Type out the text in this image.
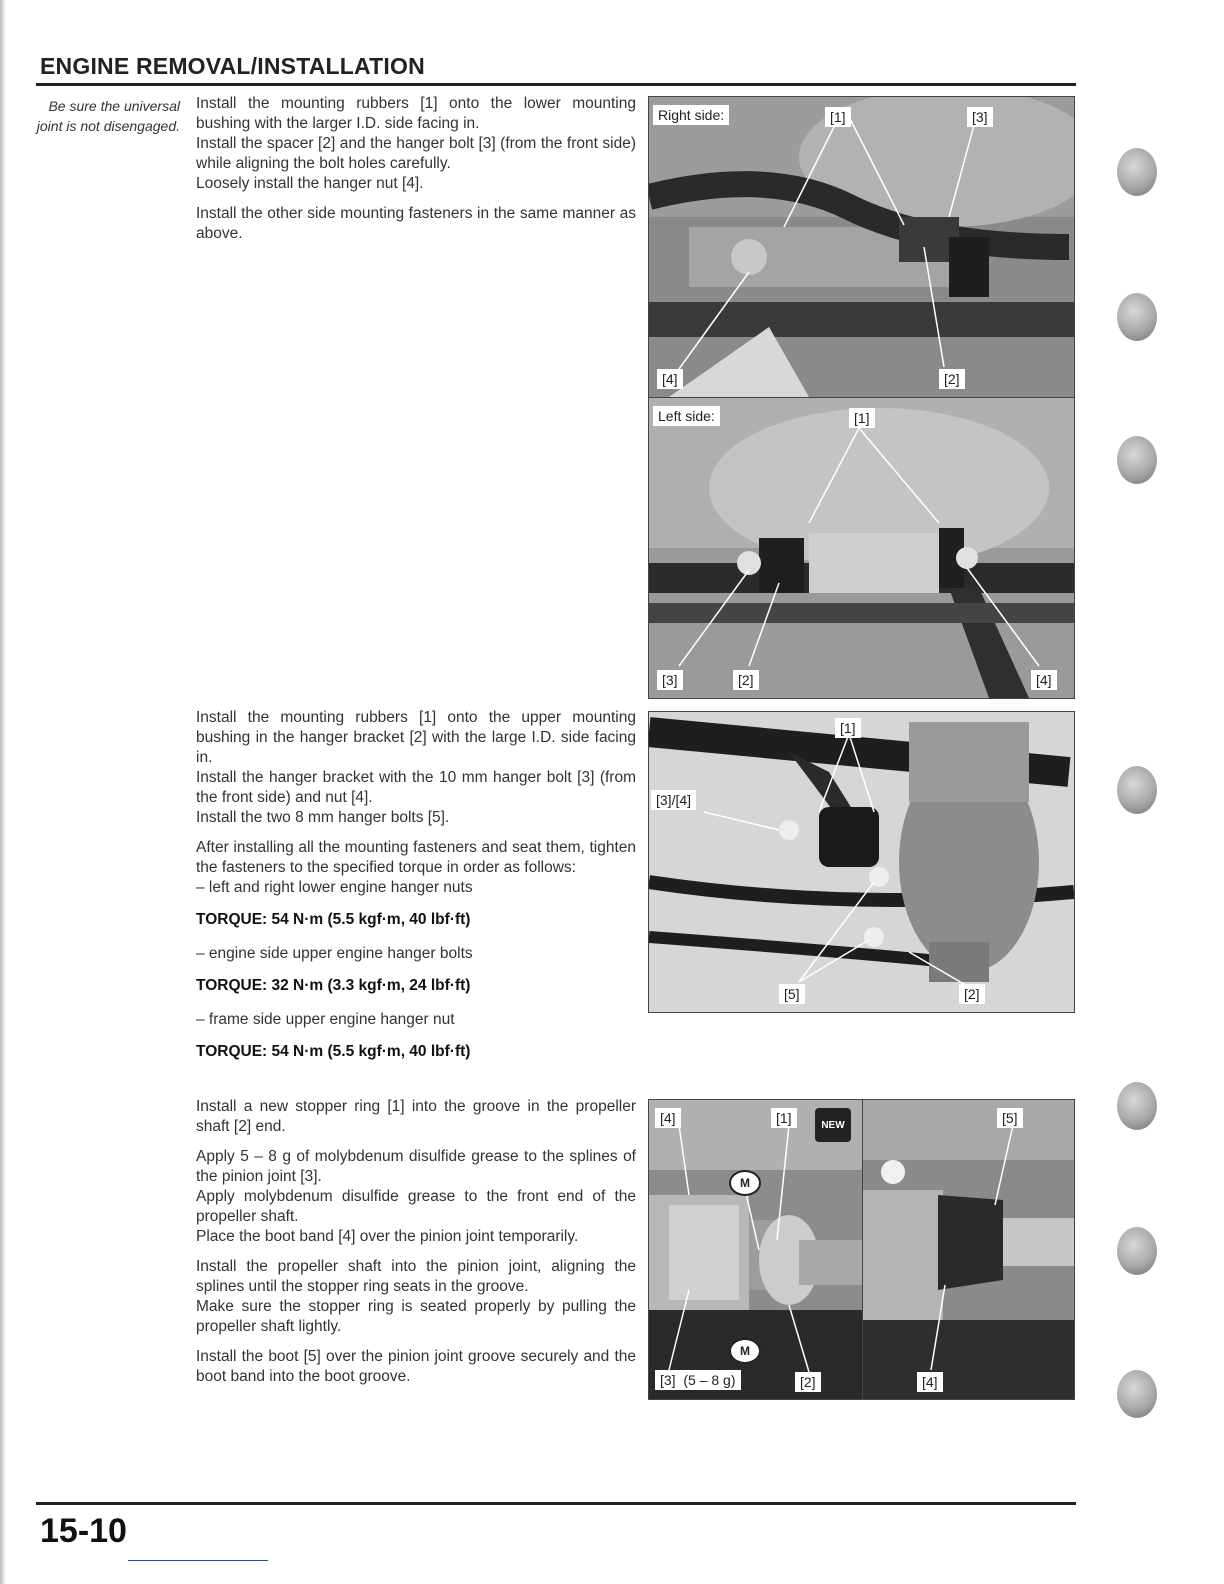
ENGINE REMOVAL/INSTALLATION
Be sure the universal joint is not disengaged.

Install the mounting rubbers [1] onto the lower mounting bushing with the larger I.D. side facing in.

Install the spacer [2] and the hanger bolt [3] (from the front side) while aligning the bolt holes carefully.

Loosely install the hanger nut [4].

Install the other side mounting fasteners in the same manner as above.

Install the mounting rubbers [1] onto the upper mounting bushing in the hanger bracket [2] with the large I.D. side facing in.

Install the hanger bracket with the 10 mm hanger bolt [3] (from the front side) and nut [4].

Install the two 8 mm hanger bolts [5].

After installing all the mounting fasteners and seat them, tighten the fasteners to the specified torque in order as follows:

– left and right lower engine hanger nuts

TORQUE: 54 N·m (5.5 kgf·m, 40 lbf·ft)

– engine side upper engine hanger bolts

TORQUE: 32 N·m (3.3 kgf·m, 24 lbf·ft)

– frame side upper engine hanger nut

TORQUE: 54 N·m (5.5 kgf·m, 40 lbf·ft)

Install a new stopper ring [1] into the groove in the propeller shaft [2] end.

Apply 5 – 8 g of molybdenum disulfide grease to the splines of the pinion joint [3].

Apply molybdenum disulfide grease to the front end of the propeller shaft.

Place the boot band [4] over the pinion joint temporarily.

Install the propeller shaft into the pinion joint, aligning the splines until the stopper ring seats in the groove.

Make sure the stopper ring is seated properly by pulling the propeller shaft lightly.

Install the boot [5] over the pinion joint groove securely and the boot band into the boot groove.

Right side:	[1]	[3]
[4]	[2]
Left side:	[1]
[3]	[2]	[4]
[1]
[3]/[4]
[5]	[2]
[4]	[1]	NEW
M
M
[3] (5 – 8 g)	[2]
[5]
[4]
15-10
